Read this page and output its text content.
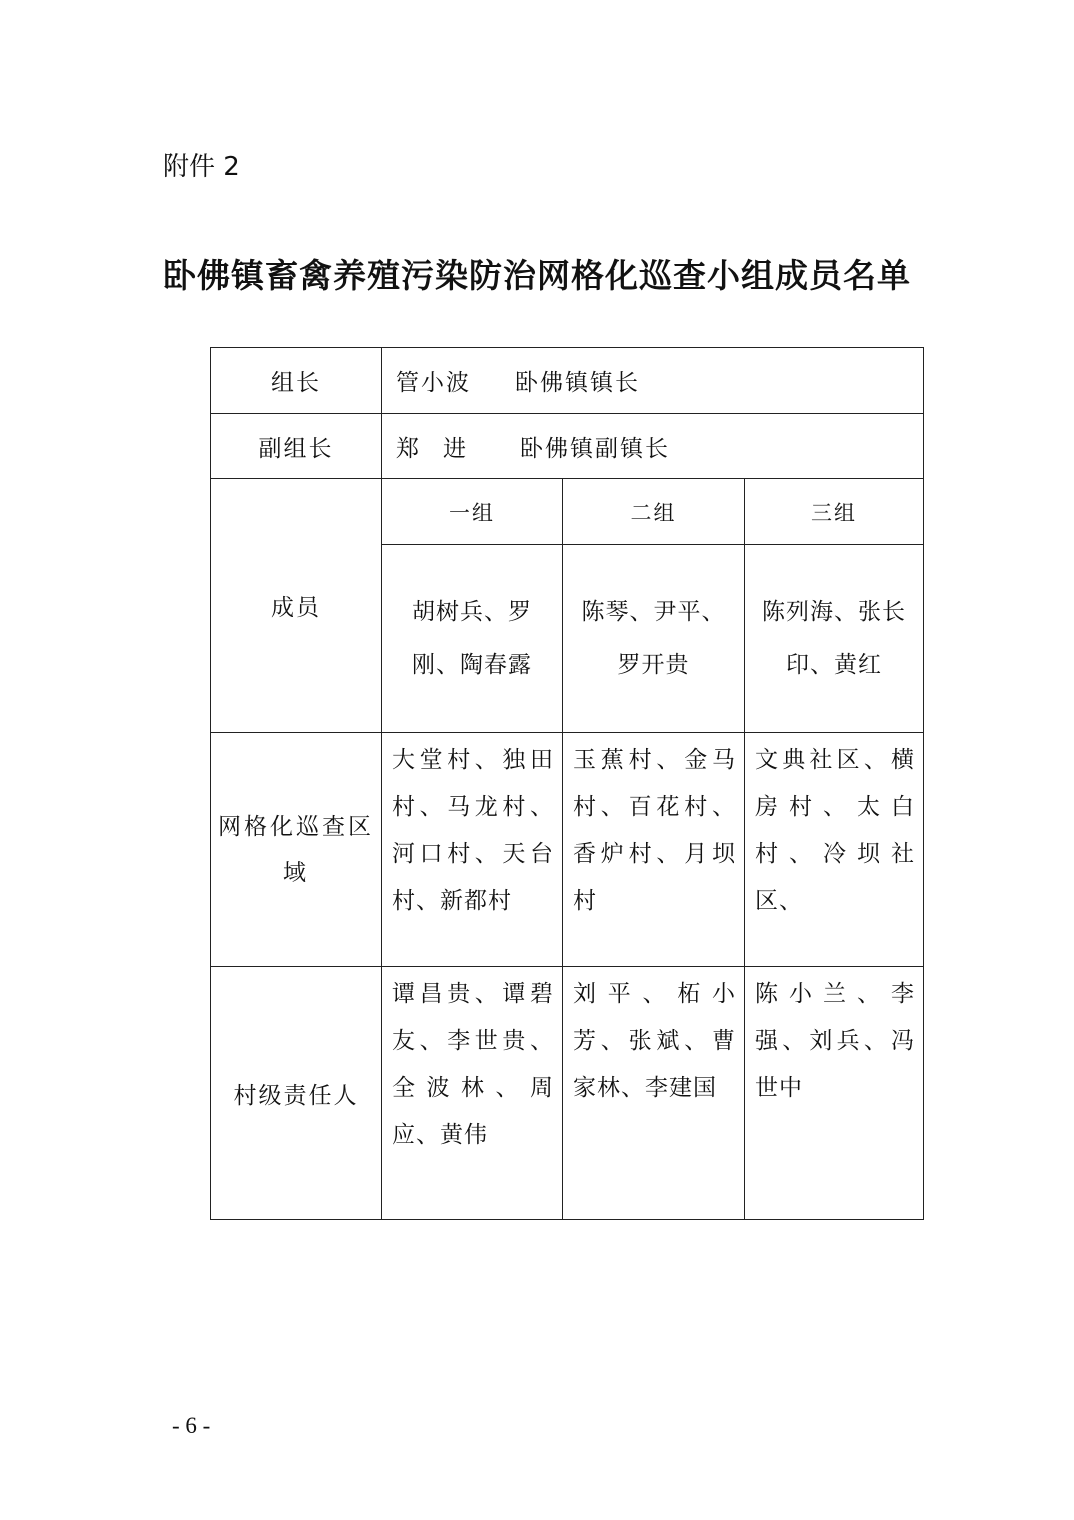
附件 2
卧佛镇畜禽养殖污染防治网格化巡查小组成员名单
组长	管小波 卧佛镇镇长		
副组长	郑 进 卧佛镇副镇长		
成员	一组	二组	三组
	胡树兵、罗刚、陶春露	陈琴、尹平、罗开贵	陈列海、张长印、黄红
网格化巡查区域	大堂村、独田村、马龙村、河口村、天台村、新都村	玉蕉村、金马村、百花村、香炉村、月坝村	文典社区、横房村、太白村、冷坝社区、
村级责任人	谭昌贵、谭碧友、李世贵、全波林、周应、黄伟	刘平、柘小芳、张斌、曹家林、李建国	陈小兰、李强、刘兵、冯世中
- 6 -
